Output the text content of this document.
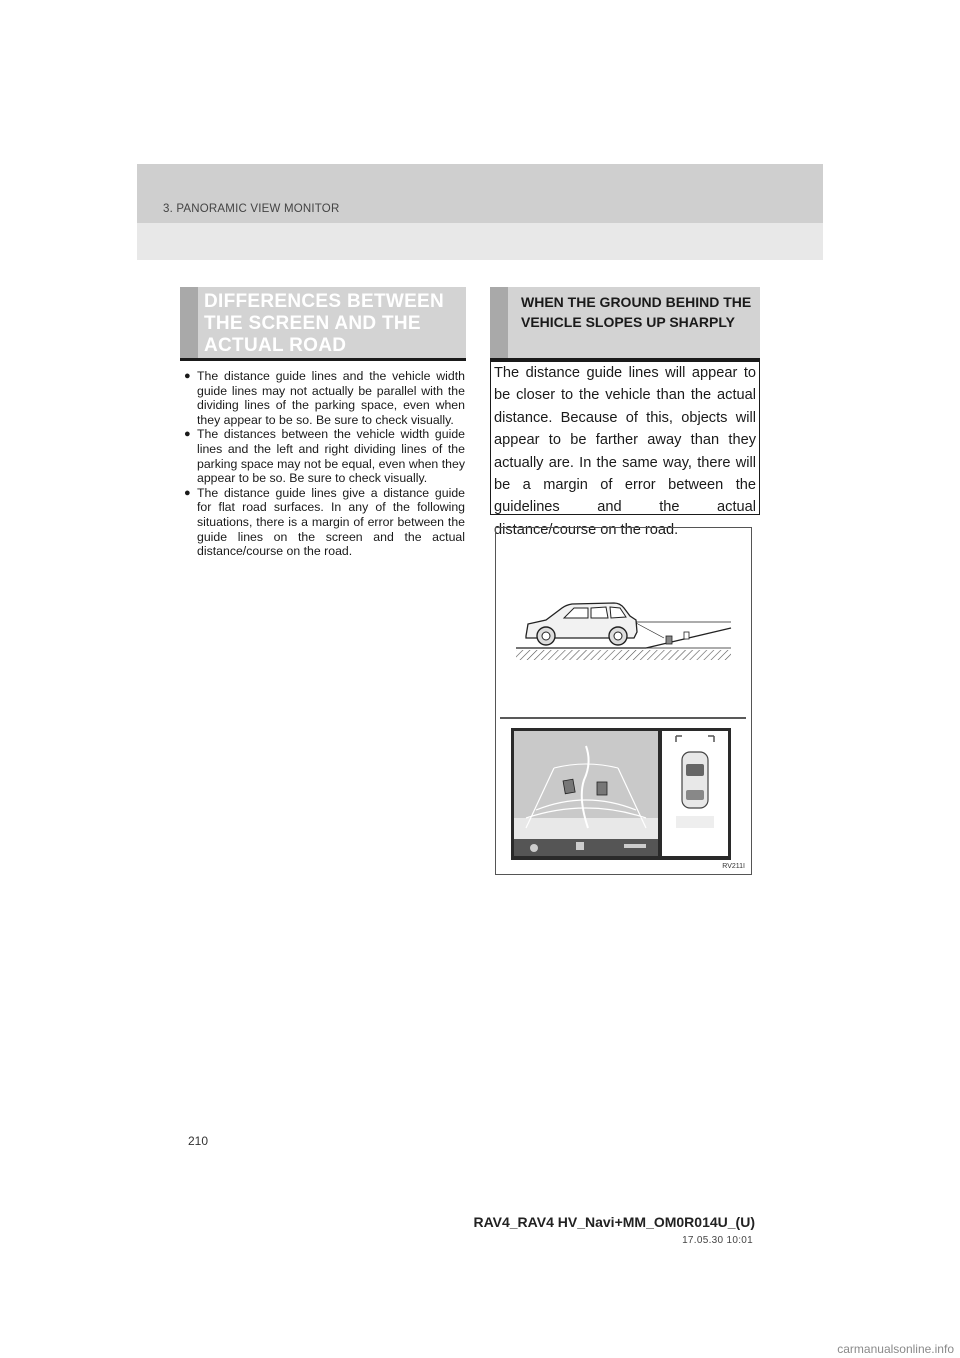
3. PANORAMIC VIEW MONITOR
DIFFERENCES BETWEEN THE SCREEN AND THE ACTUAL ROAD
● The distance guide lines and the vehicle width guide lines may not actually be parallel with the dividing lines of the parking space, even when they appear to be so. Be sure to check visually.
● The distances between the vehicle width guide lines and the left and right dividing lines of the parking space may not be equal, even when they appear to be so. Be sure to check visually.
● The distance guide lines give a distance guide for flat road surfaces. In any of the following situations, there is a margin of error between the guide lines on the screen and the actual distance/course on the road.
WHEN THE GROUND BEHIND THE VEHICLE SLOPES UP SHARPLY

The distance guide lines will appear to be closer to the vehicle than the actual distance. Because of this, objects will appear to be farther away than they actually are. In the same way, there will be a margin of error between the guidelines and the actual distance/course on the road.

RV211I
210
RAV4_RAV4 HV_Navi+MM_OM0R014U_(U)
17.05.30 10:01
carmanualsonline.info
